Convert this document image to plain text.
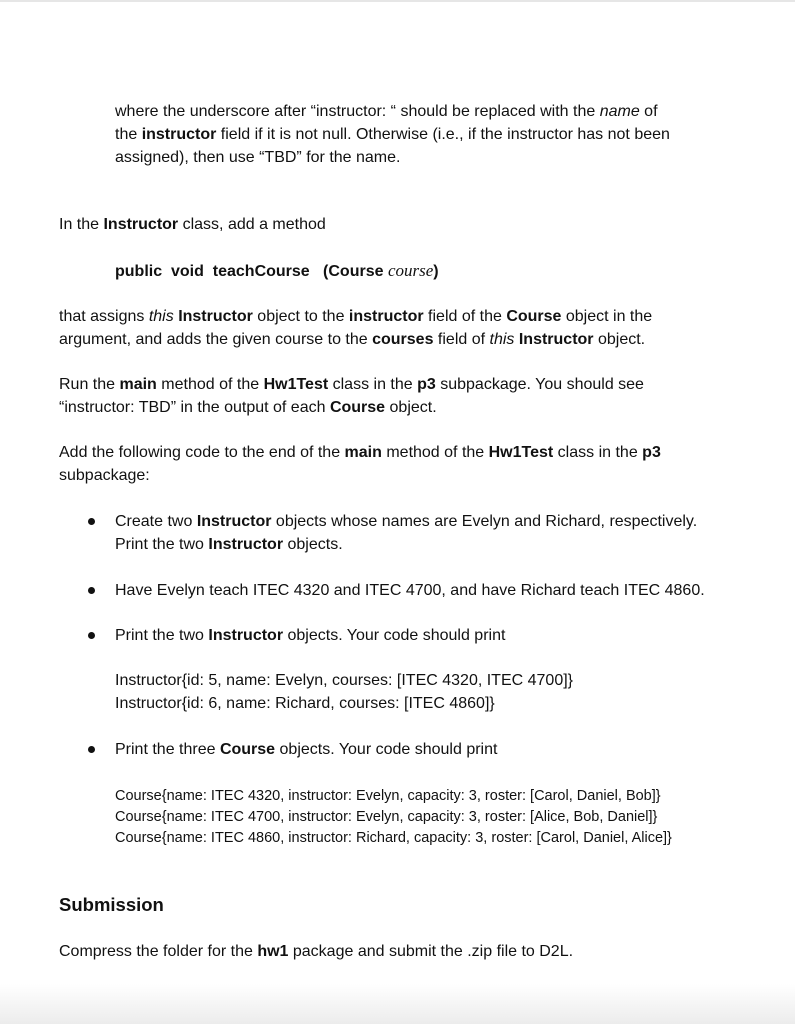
where the underscore after “instructor: “ should be replaced with the name of

the instructor field if it is not null. Otherwise (i.e., if the instructor has not been

assigned), then use “TBD” for the name.

In the Instructor class, add a method

public void teachCourse (Course course)

that assigns this Instructor object to the instructor field of the Course object in the

argument, and adds the given course to the courses field of this Instructor object.

Run the main method of the Hw1Test class in the p3 subpackage. You should see

“instructor: TBD” in the output of each Course object.

Add the following code to the end of the main method of the Hw1Test class in the p3

subpackage:

Create two Instructor objects whose names are Evelyn and Richard, respectively.

Print the two Instructor objects.

Have Evelyn teach ITEC 4320 and ITEC 4700, and have Richard teach ITEC 4860.

Print the two Instructor objects. Your code should print

Instructor{id: 5, name: Evelyn, courses: [ITEC 4320, ITEC 4700]}

Instructor{id: 6, name: Richard, courses: [ITEC 4860]}

Print the three Course objects. Your code should print

Course{name: ITEC 4320, instructor: Evelyn, capacity: 3, roster: [Carol, Daniel, Bob]}

Course{name: ITEC 4700, instructor: Evelyn, capacity: 3, roster: [Alice, Bob, Daniel]}

Course{name: ITEC 4860, instructor: Richard, capacity: 3, roster: [Carol, Daniel, Alice]}

Submission

Compress the folder for the hw1 package and submit the .zip file to D2L.
